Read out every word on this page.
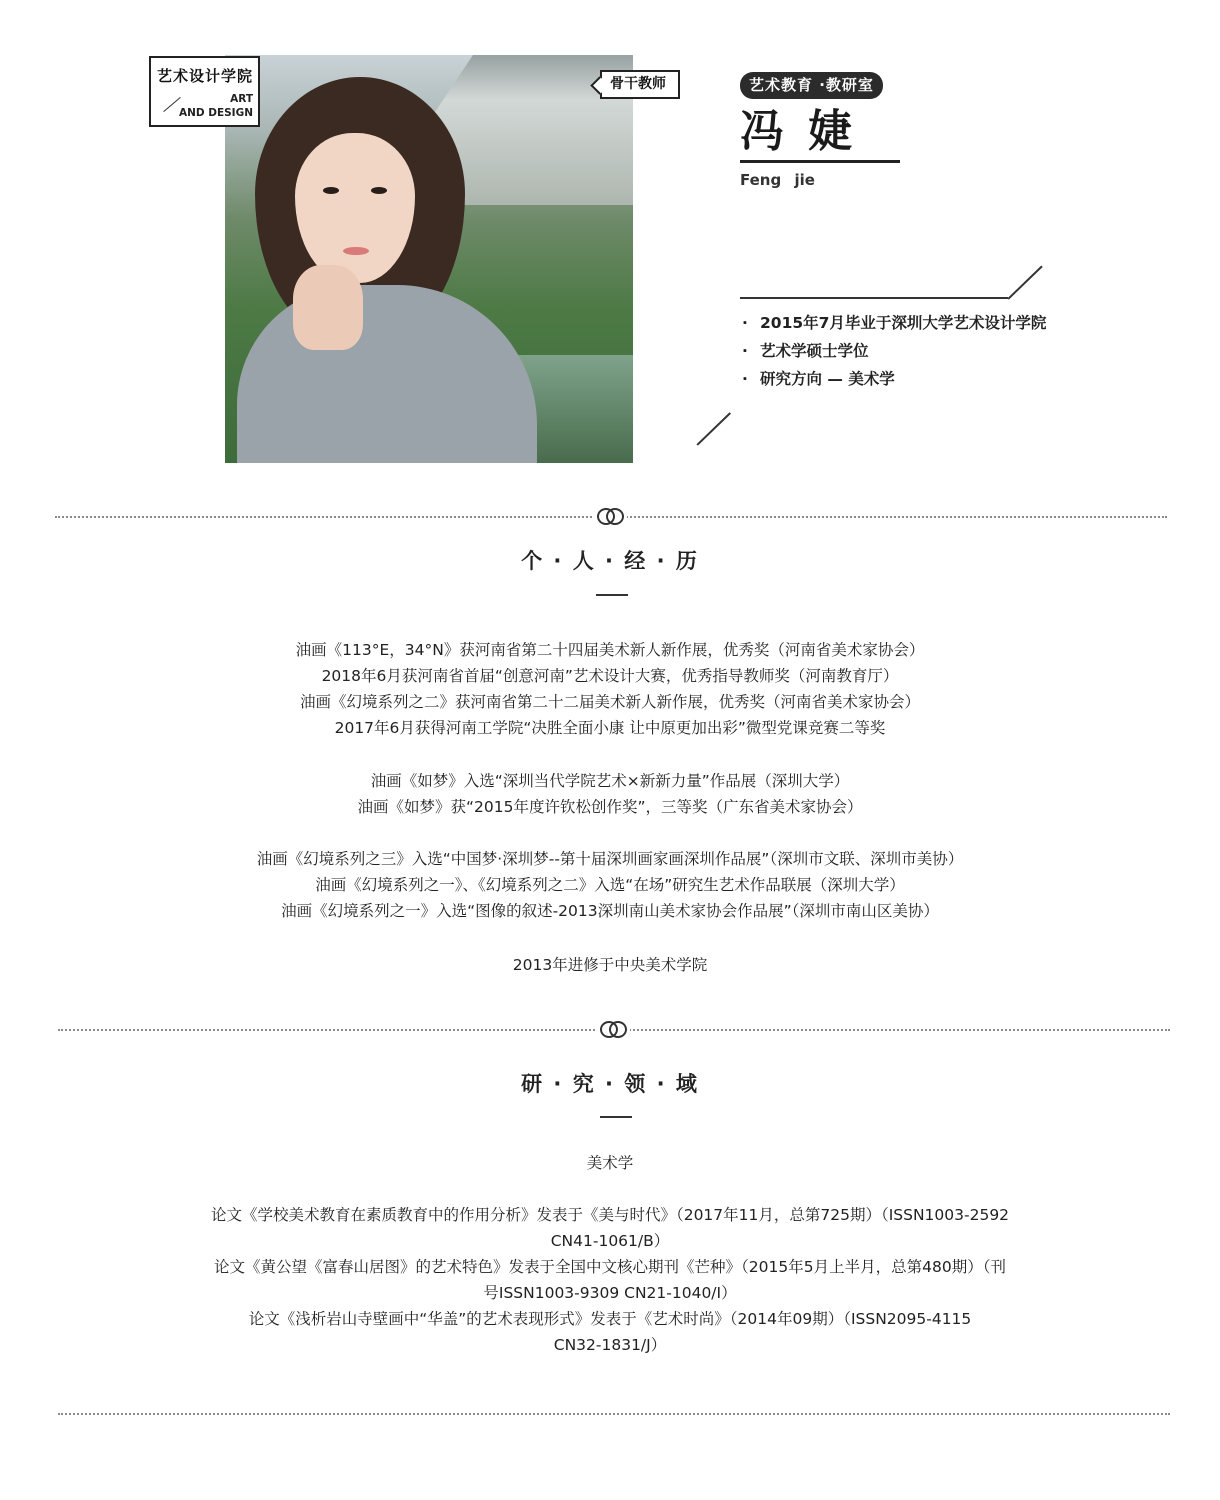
艺术设计学院
ART
AND DESIGN
骨干教师	艺术教育 ·教研室
冯婕
Feng jie
· 2015年7月毕业于深圳大学艺术设计学院
· 艺术学硕士学位
· 研究方向 — 美术学
个 · 人 · 经 · 历

油画《113°E，34°N》获河南省第二十四届美术新人新作展，优秀奖（河南省美术家协会）

2018年6月获河南省首届“创意河南”艺术设计大赛，优秀指导教师奖（河南教育厅）

油画《幻境系列之二》获河南省第二十二届美术新人新作展，优秀奖（河南省美术家协会）

2017年6月获得河南工学院“决胜全面小康 让中原更加出彩”微型党课竞赛二等奖

油画《如梦》入选“深圳当代学院艺术×新新力量”作品展（深圳大学）

油画《如梦》获“2015年度许钦松创作奖”，三等奖（广东省美术家协会）

油画《幻境系列之三》入选“中国梦·深圳梦--第十届深圳画家画深圳作品展”（深圳市文联、深圳市美协）

油画《幻境系列之一》、《幻境系列之二》入选“在场”研究生艺术作品联展（深圳大学）

油画《幻境系列之一》入选“图像的叙述-2013深圳南山美术家协会作品展”（深圳市南山区美协）

2013年进修于中央美术学院

研 · 究 · 领 · 域

美术学

论文《学校美术教育在素质教育中的作用分析》发表于《美与时代》（2017年11月，总第725期）（ISSN1003-2592

CN41-1061/B）

论文《黄公望《富春山居图》的艺术特色》发表于全国中文核心期刊《芒种》（2015年5月上半月，总第480期）（刊

号ISSN1003-9309 CN21-1040/I）

论文《浅析岩山寺壁画中“华盖”的艺术表现形式》发表于《艺术时尚》（2014年09期）（ISSN2095-4115

CN32-1831/J）
